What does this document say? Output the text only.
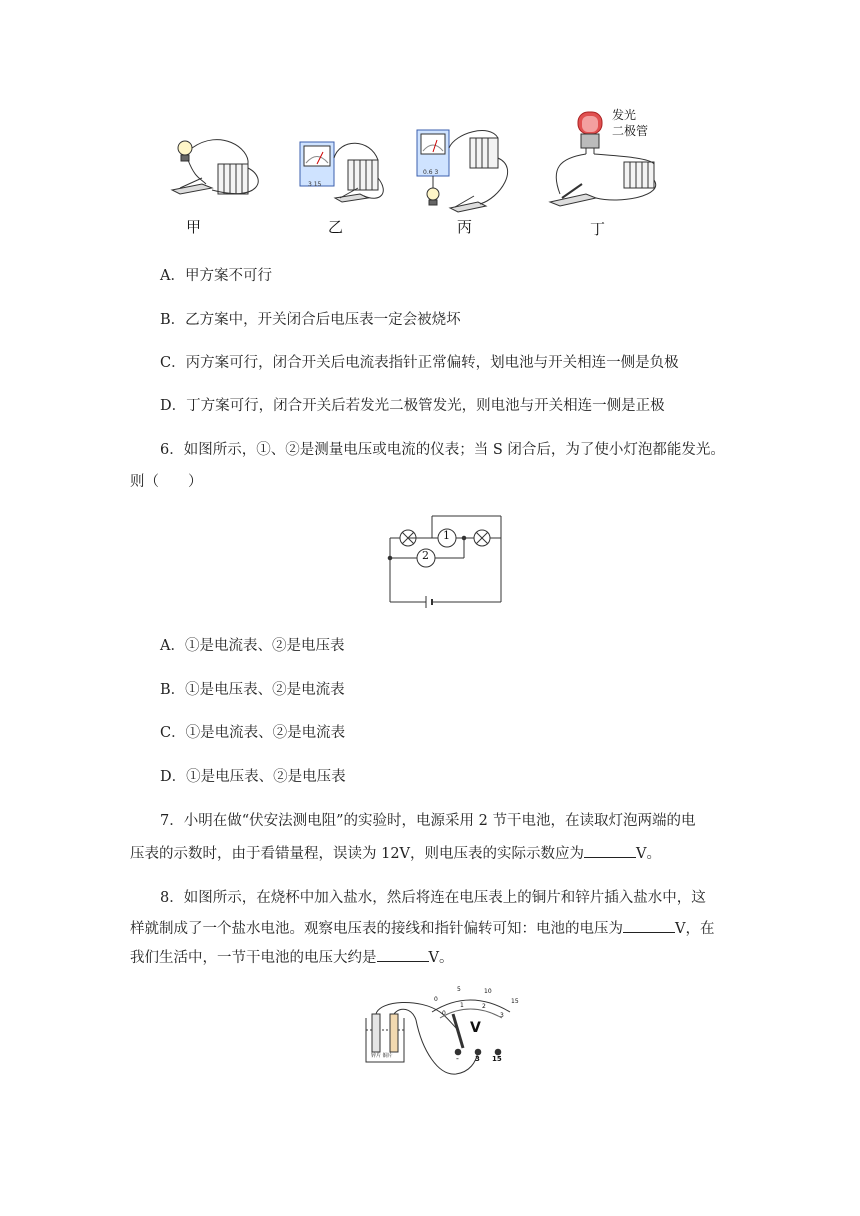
3 15
0.6 3
发光
二极管
甲	乙	丙	丁
A．甲方案不可行
B．乙方案中，开关闭合后电压表一定会被烧坏
C．丙方案可行，闭合开关后电流表指针正常偏转，划电池与开关相连一侧是负极
D．丁方案可行，闭合开关后若发光二极管发光，则电池与开关相连一侧是正极
6．如图所示，①、②是测量电压或电流的仪表；当 S 闭合后，为了使小灯泡都能发光。
则（　　）
1
2
A．①是电流表、②是电压表
B．①是电压表、②是电流表
C．①是电流表、②是电流表
D．①是电压表、②是电压表
7．小明在做“伏安法测电阻”的实验时，电源采用 2 节干电池，在读取灯泡两端的电
压表的示数时，由于看错量程，误读为 12V，则电压表的实际示数应为	V。
8．如图所示，在烧杯中加入盐水，然后将连在电压表上的铜片和锌片插入盐水中，这
样就制成了一个盐水电池。观察电压表的接线和指针偏转可知：电池的电压为	V，在
我们生活中，一节干电池的电压大约是	V。
0
5	10
15
0
1	2
3
V
- 3 15
锌片 铜片
